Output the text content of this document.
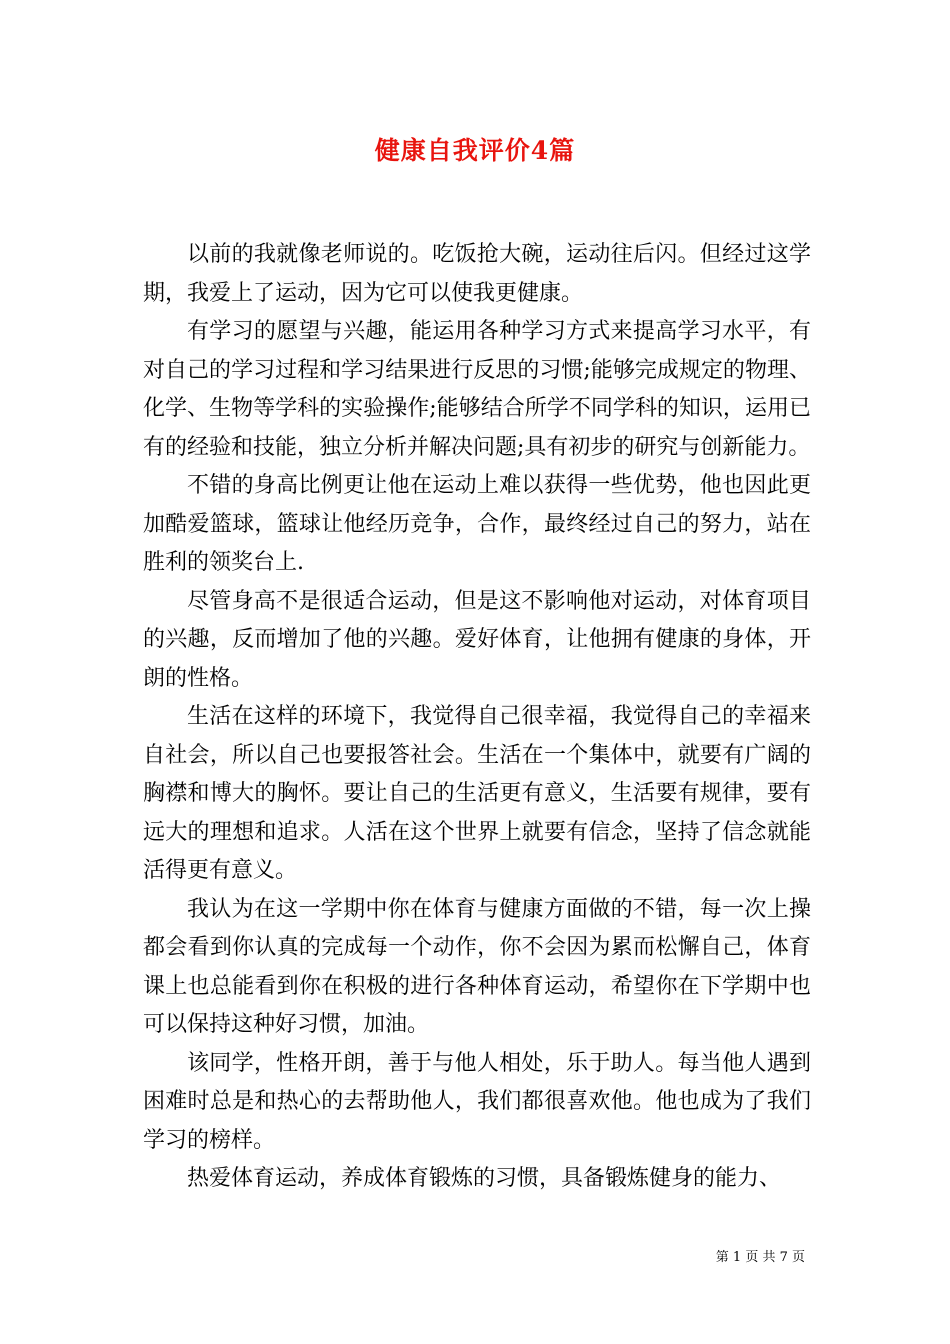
健康自我评价4篇

以前的我就像老师说的。吃饭抢大碗，运动往后闪。但经过这学期，我爱上了运动，因为它可以使我更健康。

有学习的愿望与兴趣，能运用各种学习方式来提高学习水平，有对自己的学习过程和学习结果进行反思的习惯;能够完成规定的物理、化学、生物等学科的实验操作;能够结合所学不同学科的知识，运用已有的经验和技能，独立分析并解决问题;具有初步的研究与创新能力。

不错的身高比例更让他在运动上难以获得一些优势，他也因此更加酷爱篮球，篮球让他经历竞争，合作，最终经过自己的努力，站在胜利的领奖台上.

尽管身高不是很适合运动，但是这不影响他对运动，对体育项目的兴趣，反而增加了他的兴趣。爱好体育，让他拥有健康的身体，开朗的性格。

生活在这样的环境下，我觉得自己很幸福，我觉得自己的幸福来自社会，所以自己也要报答社会。生活在一个集体中，就要有广阔的胸襟和博大的胸怀。要让自己的生活更有意义，生活要有规律，要有远大的理想和追求。人活在这个世界上就要有信念，坚持了信念就能活得更有意义。

我认为在这一学期中你在体育与健康方面做的不错，每一次上操都会看到你认真的完成每一个动作，你不会因为累而松懈自己，体育课上也总能看到你在积极的进行各种体育运动，希望你在下学期中也可以保持这种好习惯，加油。

该同学，性格开朗，善于与他人相处，乐于助人。每当他人遇到困难时总是和热心的去帮助他人，我们都很喜欢他。他也成为了我们学习的榜样。

热爱体育运动，养成体育锻炼的习惯，具备锻炼健身的能力、

第 1 页 共 7 页
